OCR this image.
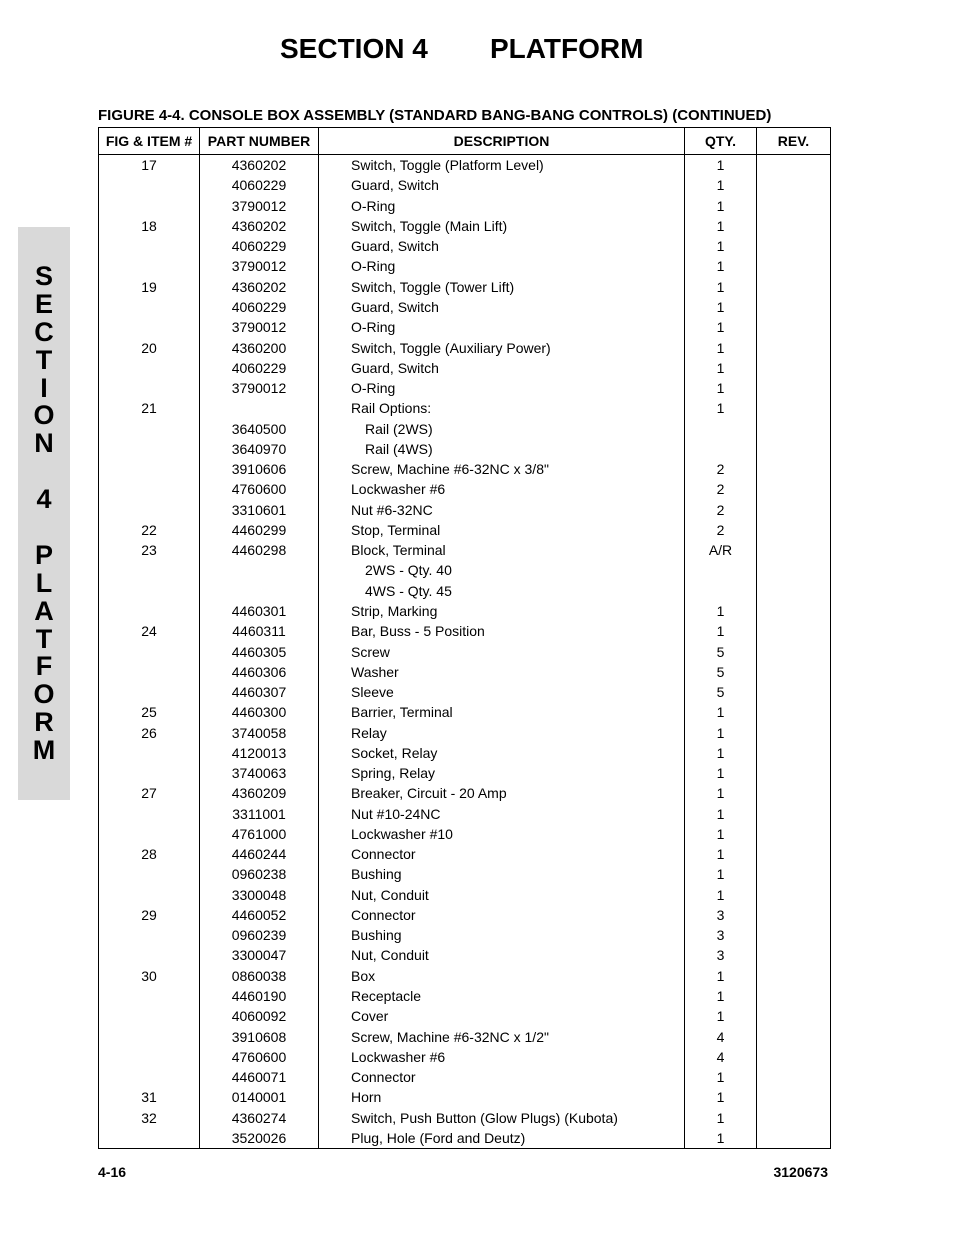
SECTION 4 PLATFORM
S
E
C
T
I
O
N
4
P
L
A
T
F
O
R
M
FIGURE 4-4. CONSOLE BOX ASSEMBLY (STANDARD BANG-BANG CONTROLS) (CONTINUED)
FIG & ITEM #	PART NUMBER	DESCRIPTION	QTY.	REV.
17	4360202	Switch, Toggle (Platform Level)	1	
	4060229	Guard, Switch	1	
	3790012	O-Ring	1	
18	4360202	Switch, Toggle (Main Lift)	1	
	4060229	Guard, Switch	1	
	3790012	O-Ring	1	
19	4360202	Switch, Toggle (Tower Lift)	1	
	4060229	Guard, Switch	1	
	3790012	O-Ring	1	
20	4360200	Switch, Toggle (Auxiliary Power)	1	
	4060229	Guard, Switch	1	
	3790012	O-Ring	1	
21		Rail Options:	1	
	3640500	Rail (2WS)		
	3640970	Rail (4WS)		
	3910606	Screw, Machine #6-32NC x 3/8"	2	
	4760600	Lockwasher #6	2	
	3310601	Nut #6-32NC	2	
22	4460299	Stop, Terminal	2	
23	4460298	Block, Terminal	A/R	
		2WS - Qty. 40		
		4WS - Qty. 45		
	4460301	Strip, Marking	1	
24	4460311	Bar, Buss - 5 Position	1	
	4460305	Screw	5	
	4460306	Washer	5	
	4460307	Sleeve	5	
25	4460300	Barrier, Terminal	1	
26	3740058	Relay	1	
	4120013	Socket, Relay	1	
	3740063	Spring, Relay	1	
27	4360209	Breaker, Circuit - 20 Amp	1	
	3311001	Nut #10-24NC	1	
	4761000	Lockwasher #10	1	
28	4460244	Connector	1	
	0960238	Bushing	1	
	3300048	Nut, Conduit	1	
29	4460052	Connector	3	
	0960239	Bushing	3	
	3300047	Nut, Conduit	3	
30	0860038	Box	1	
	4460190	Receptacle	1	
	4060092	Cover	1	
	3910608	Screw, Machine #6-32NC x 1/2"	4	
	4760600	Lockwasher #6	4	
	4460071	Connector	1	
31	0140001	Horn	1	
32	4360274	Switch, Push Button (Glow Plugs) (Kubota)	1	
	3520026	Plug, Hole (Ford and Deutz)	1	
4-16	3120673
